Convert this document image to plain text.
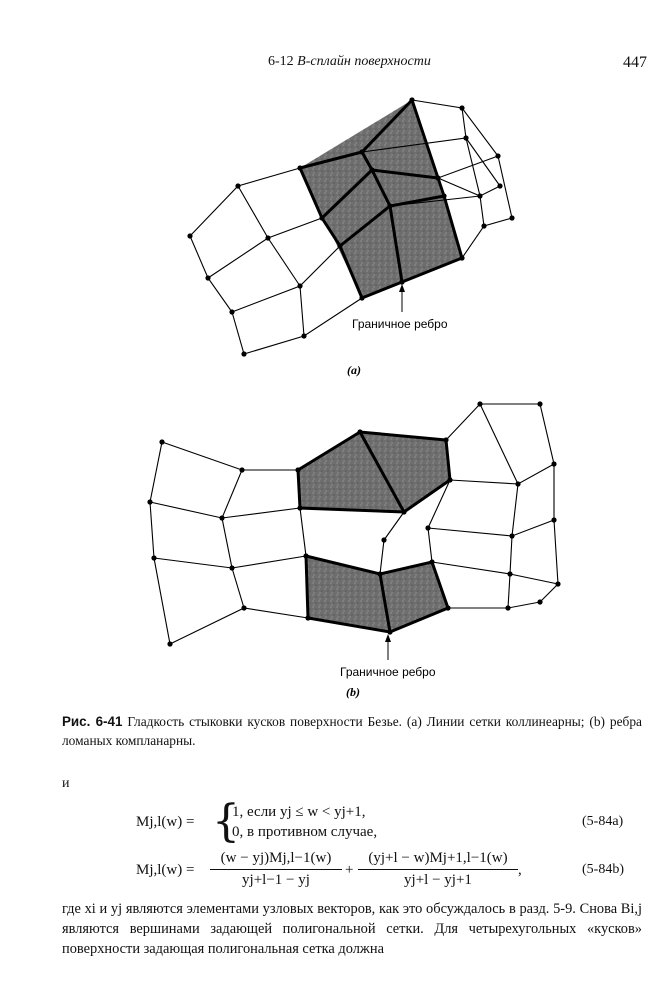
6-12 B-сплайн поверхности	447
Граничное ребро
(a)
Граничное ребро
(b)
Рис. 6-41 Гладкость стыковки кусков поверхности Безье. (a) Линии сетки коллинеарны; (b) ребра ломаных компланарны.
и
Mj,l(w) = {
1, если yj ≤ w < yj+1,
0, в противном случае,
(5-84a)
$Mj,l(w) = \frac{(w - yj)Mj,l-1(w)}{yj+l-1 - yj} + \frac{(yj+l - w)Mj+1,l-1(w)}{yj+l - yj+1}$ ,	(5-84b)
где xi и yj являются элементами узловых векторов, как это обсуждалось в разд. 5-9. Снова Bi,j являются вершинами задающей полигональной сетки. Для четырехугольных «кусков» поверхности задающая полигональная сетка должна
